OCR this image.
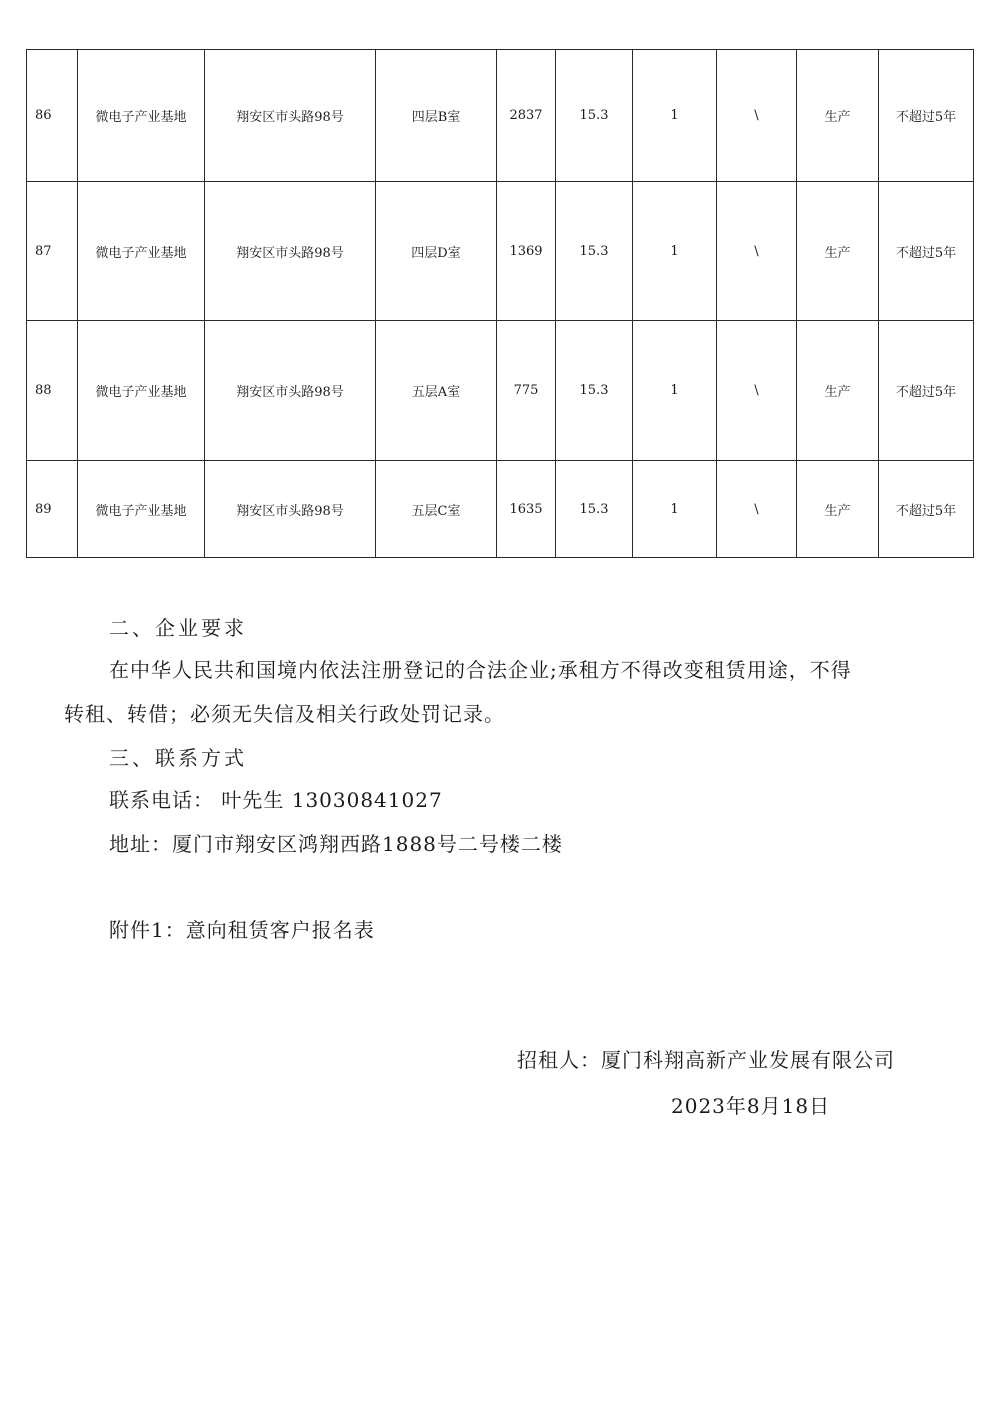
86	微电子产业基地	翔安区市头路98号	四层B室	2837	15.3	1	\	生产	不超过5年
87	微电子产业基地	翔安区市头路98号	四层D室	1369	15.3	1	\	生产	不超过5年
88	微电子产业基地	翔安区市头路98号	五层A室	775	15.3	1	\	生产	不超过5年
89	微电子产业基地	翔安区市头路98号	五层C室	1635	15.3	1	\	生产	不超过5年
二、企业要求
在中华人民共和国境内依法注册登记的合法企业;承租方不得改变租赁用途，不得
转租、转借；必须无失信及相关行政处罚记录。
三、联系方式
联系电话： 叶先生 13030841027
地址：厦门市翔安区鸿翔西路1888号二号楼二楼
附件1：意向租赁客户报名表
招租人：厦门科翔高新产业发展有限公司
2023年8月18日
